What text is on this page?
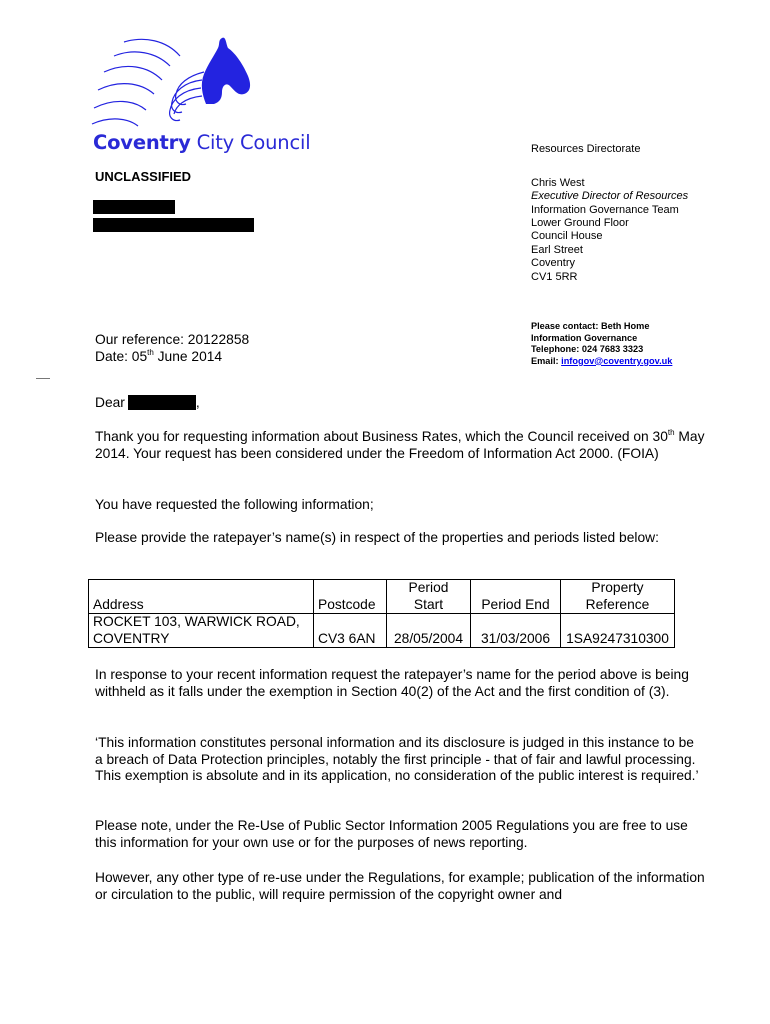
Coventry City Council
UNCLASSIFIED
Resources Directorate
Chris West
Executive Director of Resources
Information Governance Team
Lower Ground Floor
Council House
Earl Street
Coventry
CV1 5RR
Please contact: Beth Home
Information Governance
Telephone: 024 7683 3323
Email: infogov@coventry.gov.uk
Our reference: 20122858
Date: 05th June 2014
Dear	,
Thank you for requesting information about Business Rates, which the Council received on 30th May 2014. Your request has been considered under the Freedom of Information Act 2000. (FOIA)
You have requested the following information;
Please provide the ratepayer’s name(s) in respect of the properties and periods listed below:
Address	Postcode	Period Start	Period End	Property Reference
ROCKET 103, WARWICK ROAD, COVENTRY	CV3 6AN	28/05/2004	31/03/2006	1SA9247310300
In response to your recent information request the ratepayer’s name for the period above is being withheld as it falls under the exemption in Section 40(2) of the Act and the first condition of (3).
‘This information constitutes personal information and its disclosure is judged in this instance to be a breach of Data Protection principles, notably the first principle - that of fair and lawful processing. This exemption is absolute and in its application, no consideration of the public interest is required.’
Please note, under the Re-Use of Public Sector Information 2005 Regulations you are free to use this information for your own use or for the purposes of news reporting.
However, any other type of re-use under the Regulations, for example; publication of the information or circulation to the public, will require permission of the copyright owner and
